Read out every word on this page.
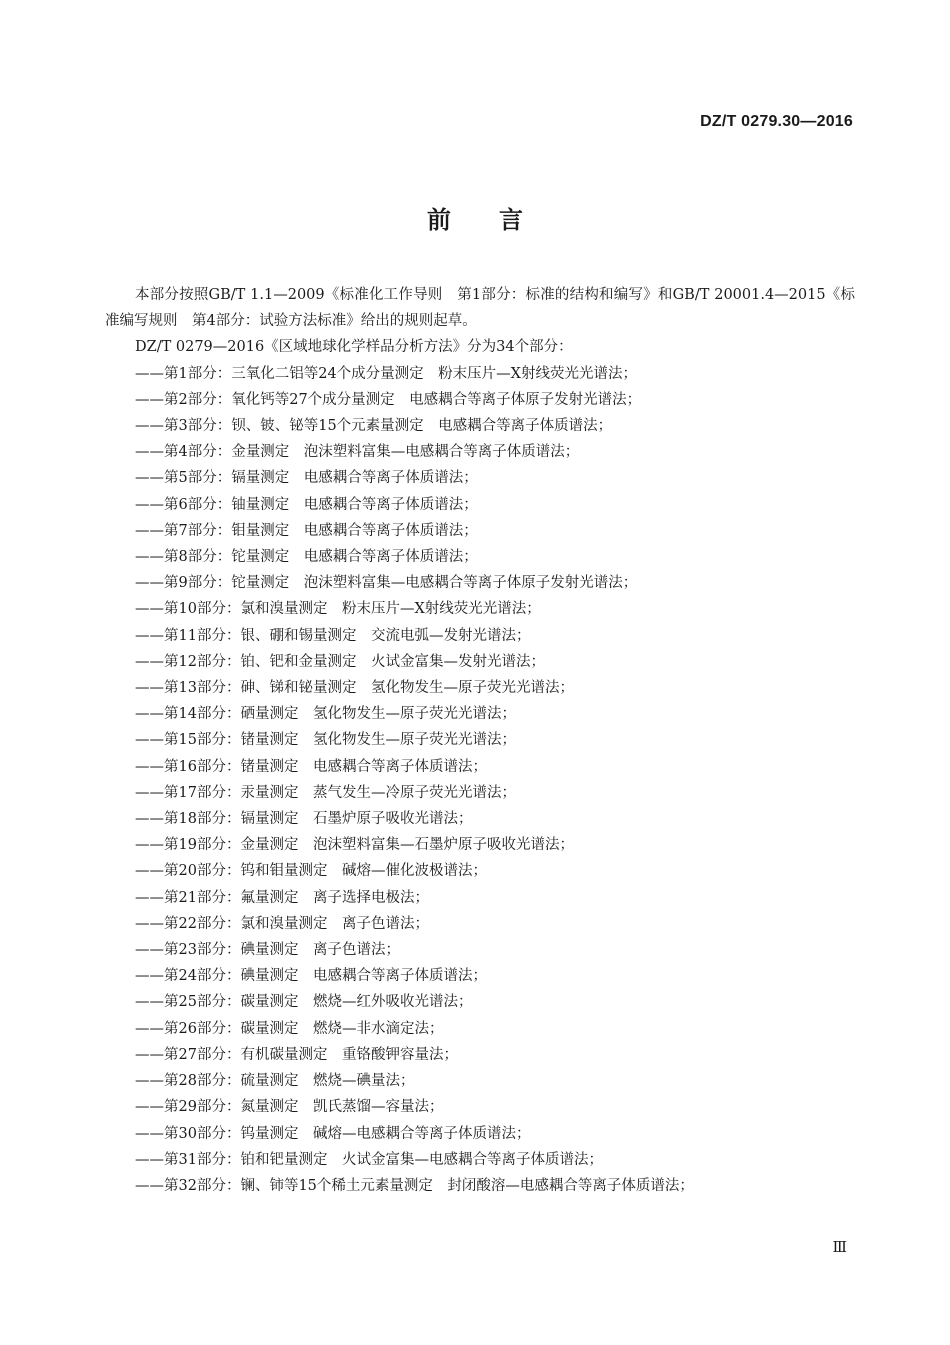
DZ/T 0279.30—2016
前言

本部分按照GB/T 1.1—2009《标准化工作导则　第1部分：标准的结构和编写》和GB/T 20001.4—2015《标准编写规则　第4部分：试验方法标准》给出的规则起草。

DZ/T 0279—2016《区域地球化学样品分析方法》分为34个部分：

——第1部分：三氧化二铝等24个成分量测定　粉末压片—X射线荧光光谱法；
——第2部分：氧化钙等27个成分量测定　电感耦合等离子体原子发射光谱法；
——第3部分：钡、铍、铋等15个元素量测定　电感耦合等离子体质谱法；
——第4部分：金量测定　泡沫塑料富集—电感耦合等离子体质谱法；
——第5部分：镉量测定　电感耦合等离子体质谱法；
——第6部分：铀量测定　电感耦合等离子体质谱法；
——第7部分：钼量测定　电感耦合等离子体质谱法；
——第8部分：铊量测定　电感耦合等离子体质谱法；
——第9部分：铊量测定　泡沫塑料富集—电感耦合等离子体原子发射光谱法；
——第10部分：氯和溴量测定　粉末压片—X射线荧光光谱法；
——第11部分：银、硼和锡量测定　交流电弧—发射光谱法；
——第12部分：铂、钯和金量测定　火试金富集—发射光谱法；
——第13部分：砷、锑和铋量测定　氢化物发生—原子荧光光谱法；
——第14部分：硒量测定　氢化物发生—原子荧光光谱法；
——第15部分：锗量测定　氢化物发生—原子荧光光谱法；
——第16部分：锗量测定　电感耦合等离子体质谱法；
——第17部分：汞量测定　蒸气发生—冷原子荧光光谱法；
——第18部分：镉量测定　石墨炉原子吸收光谱法；
——第19部分：金量测定　泡沫塑料富集—石墨炉原子吸收光谱法；
——第20部分：钨和钼量测定　碱熔—催化波极谱法；
——第21部分：氟量测定　离子选择电极法；
——第22部分：氯和溴量测定　离子色谱法；
——第23部分：碘量测定　离子色谱法；
——第24部分：碘量测定　电感耦合等离子体质谱法；
——第25部分：碳量测定　燃烧—红外吸收光谱法；
——第26部分：碳量测定　燃烧—非水滴定法；
——第27部分：有机碳量测定　重铬酸钾容量法；
——第28部分：硫量测定　燃烧—碘量法；
——第29部分：氮量测定　凯氏蒸馏—容量法；
——第30部分：钨量测定　碱熔—电感耦合等离子体质谱法；
——第31部分：铂和钯量测定　火试金富集—电感耦合等离子体质谱法；
——第32部分：镧、铈等15个稀土元素量测定　封闭酸溶—电感耦合等离子体质谱法；
Ⅲ
